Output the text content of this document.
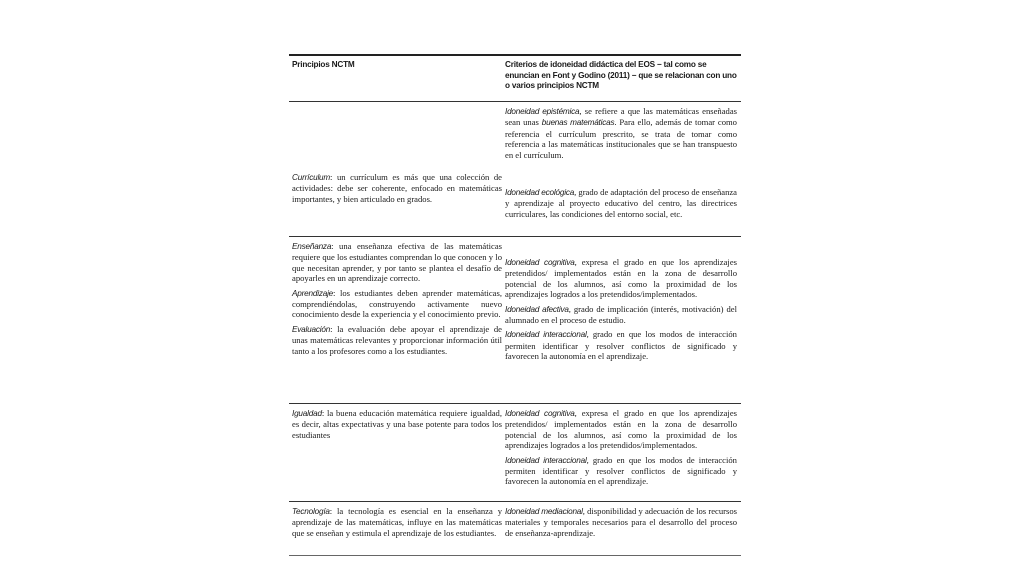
Principios NCTM	Criterios de idoneidad didáctica del EOS − tal como se enuncian en Font y Godino (2011) − que se relacionan con uno o varios principios NCTM

Currículum: un currículum es más que una colección de actividades: debe ser coherente, enfocado en matemáticas importantes, y bien articulado en grados.

Idoneidad epistémica, se refiere a que las matemáticas enseñadas sean unas buenas matemáticas. Para ello, además de tomar como referencia el currículum prescrito, se trata de tomar como referencia a las matemáticas institucionales que se han transpuesto en el currículum.

Idoneidad ecológica, grado de adaptación del proceso de enseñanza y aprendizaje al proyecto educativo del centro, las directrices curriculares, las condiciones del entorno social, etc.

Enseñanza: una enseñanza efectiva de las matemáticas requiere que los estudiantes comprendan lo que conocen y lo que necesitan aprender, y por tanto se plantea el desafío de apoyarles en un aprendizaje correcto.

Aprendizaje: los estudiantes deben aprender matemáticas, comprendiéndolas, construyendo activamente nuevo conocimiento desde la experiencia y el conocimiento previo.

Evaluación: la evaluación debe apoyar el aprendizaje de unas matemáticas relevantes y proporcionar información útil tanto a los profesores como a los estudiantes.

Idoneidad cognitiva, expresa el grado en que los aprendizajes pretendidos/ implementados están en la zona de desarrollo potencial de los alumnos, así como la proximidad de los aprendizajes logrados a los pretendidos/implementados.

Idoneidad afectiva, grado de implicación (interés, motivación) del alumnado en el proceso de estudio.

Idoneidad interaccional, grado en que los modos de interacción permiten identificar y resolver conflictos de significado y favorecen la autonomía en el aprendizaje.

Igualdad: la buena educación matemática requiere igualdad, es decir, altas expectativas y una base potente para todos los estudiantes

Idoneidad cognitiva, expresa el grado en que los aprendizajes pretendidos/ implementados están en la zona de desarrollo potencial de los alumnos, así como la proximidad de los aprendizajes logrados a los pretendidos/implementados.

Idoneidad interaccional, grado en que los modos de interacción permiten identificar y resolver conflictos de significado y favorecen la autonomía en el aprendizaje.

Tecnología: la tecnología es esencial en la enseñanza y aprendizaje de las matemáticas, influye en las matemáticas que se enseñan y estimula el aprendizaje de los estudiantes.

Idoneidad mediacional, disponibilidad y adecuación de los recursos materiales y temporales necesarios para el desarrollo del proceso de enseñanza-aprendizaje.
